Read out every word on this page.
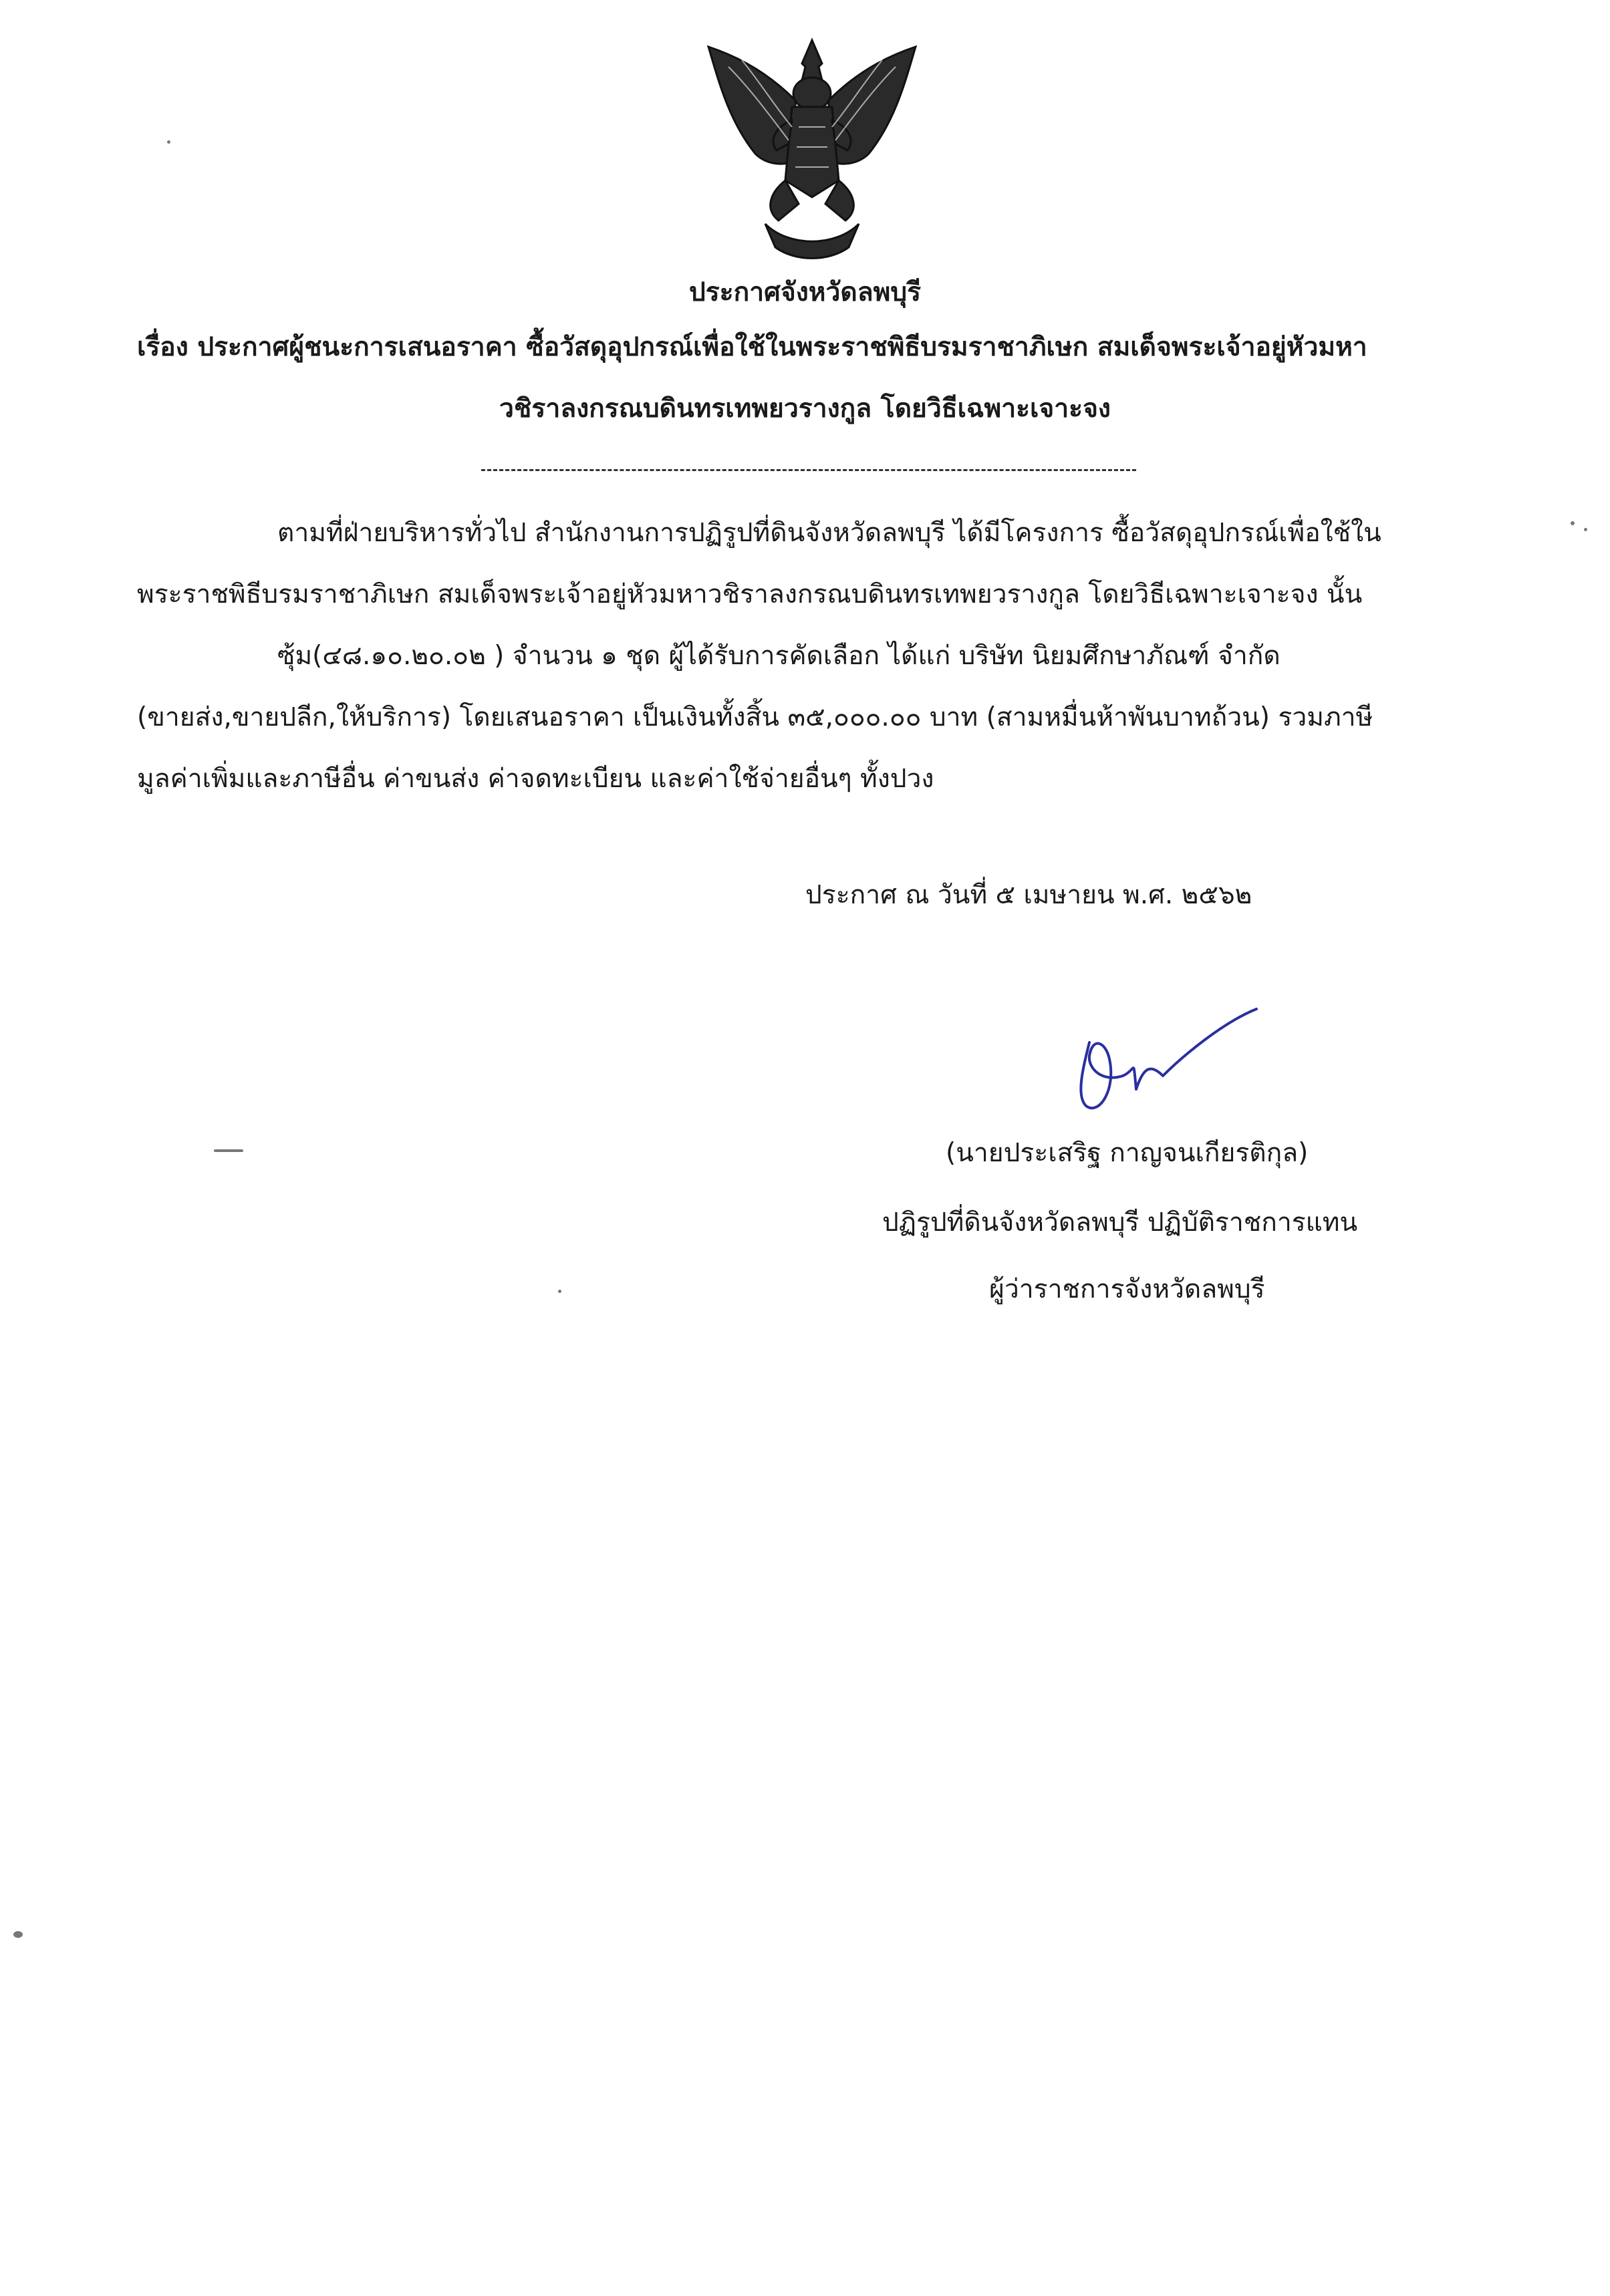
ประกาศจังหวัดลพบุรี
เรื่อง ประกาศผู้ชนะการเสนอราคา ซื้อวัสดุอุปกรณ์เพื่อใช้ในพระราชพิธีบรมราชาภิเษก สมเด็จพระเจ้าอยู่หัวมหา
วชิราลงกรณบดินทรเทพยวรางกูล โดยวิธีเฉพาะเจาะจง
ตามที่ฝ่ายบริหารทั่วไป สำนักงานการปฏิรูปที่ดินจังหวัดลพบุรี ได้มีโครงการ ซื้อวัสดุอุปกรณ์เพื่อใช้ใน
พระราชพิธีบรมราชาภิเษก สมเด็จพระเจ้าอยู่หัวมหาวชิราลงกรณบดินทรเทพยวรางกูล โดยวิธีเฉพาะเจาะจง นั้น
ซุ้ม(๔๘.๑๐.๒๐.๐๒ ) จำนวน ๑ ชุด ผู้ได้รับการคัดเลือก ได้แก่ บริษัท นิยมศึกษาภัณฑ์ จำกัด
(ขายส่ง,ขายปลีก,ให้บริการ) โดยเสนอราคา เป็นเงินทั้งสิ้น ๓๕,๐๐๐.๐๐ บาท (สามหมื่นห้าพันบาทถ้วน) รวมภาษี
มูลค่าเพิ่มและภาษีอื่น ค่าขนส่ง ค่าจดทะเบียน และค่าใช้จ่ายอื่นๆ ทั้งปวง
ประกาศ ณ วันที่ ๕ เมษายน พ.ศ. ๒๕๖๒
(นายประเสริฐ กาญจนเกียรติกุล)
ปฏิรูปที่ดินจังหวัดลพบุรี ปฏิบัติราชการแทน
ผู้ว่าราชการจังหวัดลพบุรี
